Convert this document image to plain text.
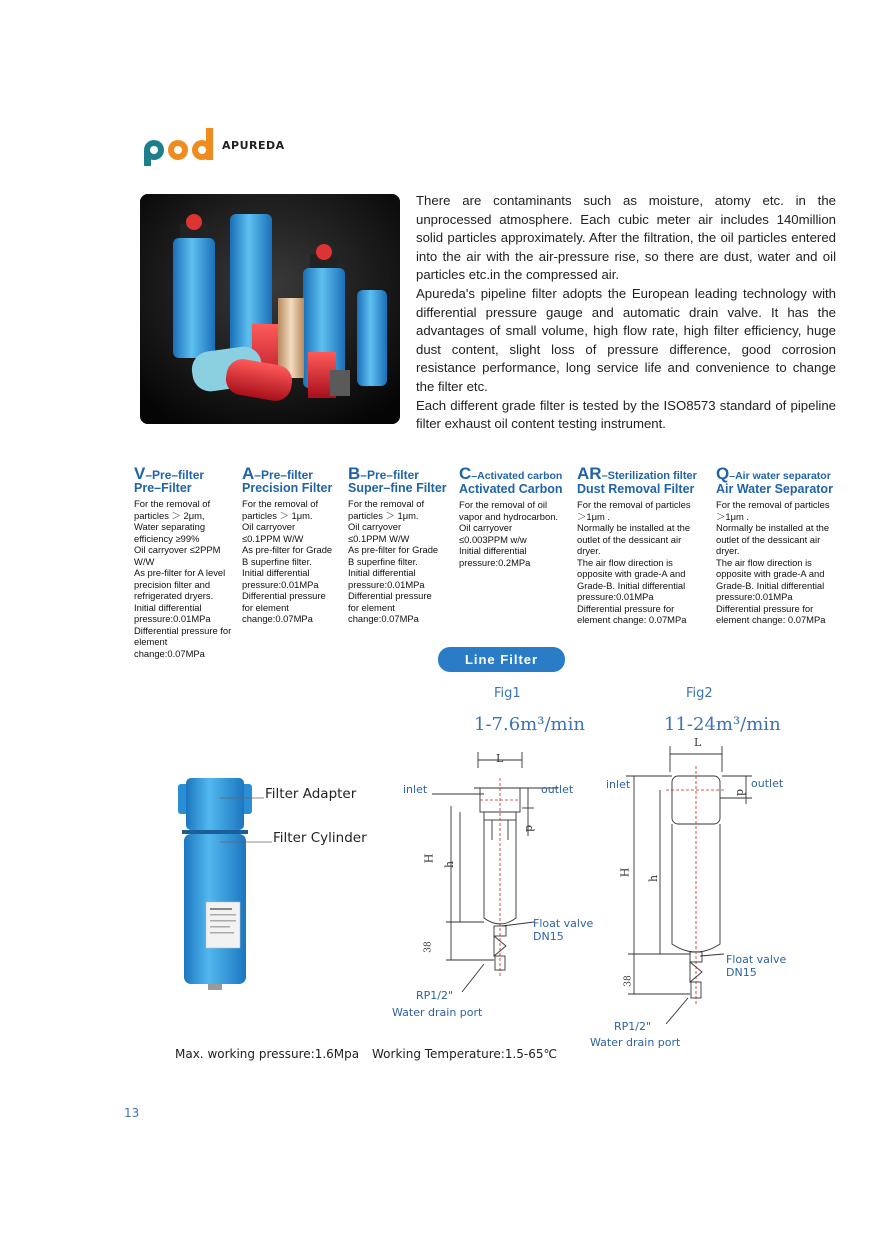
APUREDA

There are contaminants such as moisture, atomy etc. in the unprocessed atmosphere. Each cubic meter air includes 140million solid particles approximately. After the filtration, the oil particles entered into the air with the air-pressure rise, so there are dust, water and oil particles etc.in the compressed air.

Apureda's pipeline filter adopts the European leading technology with differential pressure gauge and automatic drain valve. It has the advantages of small volume, high flow rate, high filter efficiency, huge dust content, slight loss of pressure difference, good corrosion resistance performance, long service life and convenience to change the filter etc.

Each different grade filter is tested by the ISO8573 standard of pipeline filter exhaust oil content testing instrument.

V–Pre–filter
Pre–Filter
For the removal of
particles ＞ 2μm,
Water separating
efficiency ≥99%
Oil carryover ≤2PPM
W/W
As pre-filter for A level
precision filter and
refrigerated dryers.
Initial differential
pressure:0.01MPa
Differential pressure for
element
change:0.07MPa
A–Pre–filter
Precision Filter
For the removal of
particles ＞ 1μm.
Oil carryover
≤0.1PPM W/W
As pre-filter for Grade
B superfine filter.
Initial differential
pressure:0.01MPa
Differential pressure
for element
change:0.07MPa
B–Pre–filter
Super–fine Filter
For the removal of
particles ＞ 1μm.
Oil carryover
≤0.1PPM W/W
As pre-filter for Grade
B superfine filter.
Initial differential
pressure:0.01MPa
Differential pressure
for element
change:0.07MPa
C–Activated carbon
Activated Carbon
For the removal of oil
vapor and hydrocarbon.
Oil carryover
≤0.003PPM w/w
Initial differential
pressure:0.2MPa
AR–Sterilization filter
Dust Removal Filter
For the removal of particles
＞1μm .
Normally be installed at the
outlet of the dessicant air
dryer.
The air flow direction is
opposite with grade-A and
Grade-B. Initial differential
pressure:0.01MPa
Differential pressure for
element change: 0.07MPa
Q–Air water separator
Air Water Separator
For the removal of particles
＞1μm .
Normally be installed at the
outlet of the dessicant air
dryer.
The air flow direction is
opposite with grade-A and
Grade-B. Initial differential
pressure:0.01MPa
Differential pressure for
element change: 0.07MPa
Line Filter
Filter Adapter
Filter Cylinder
Fig1
1-7.6m³/min
inlet	outlet
L
d
H
h
38
Float valve
DN15
RP1/2"
Water drain port
Fig2
11-24m³/min
inlet	outlet
L
d
H
h
38
Float valve
DN15
RP1/2"
Water drain port
Max. working pressure:1.6Mpa Working Temperature:1.5-65℃
13
